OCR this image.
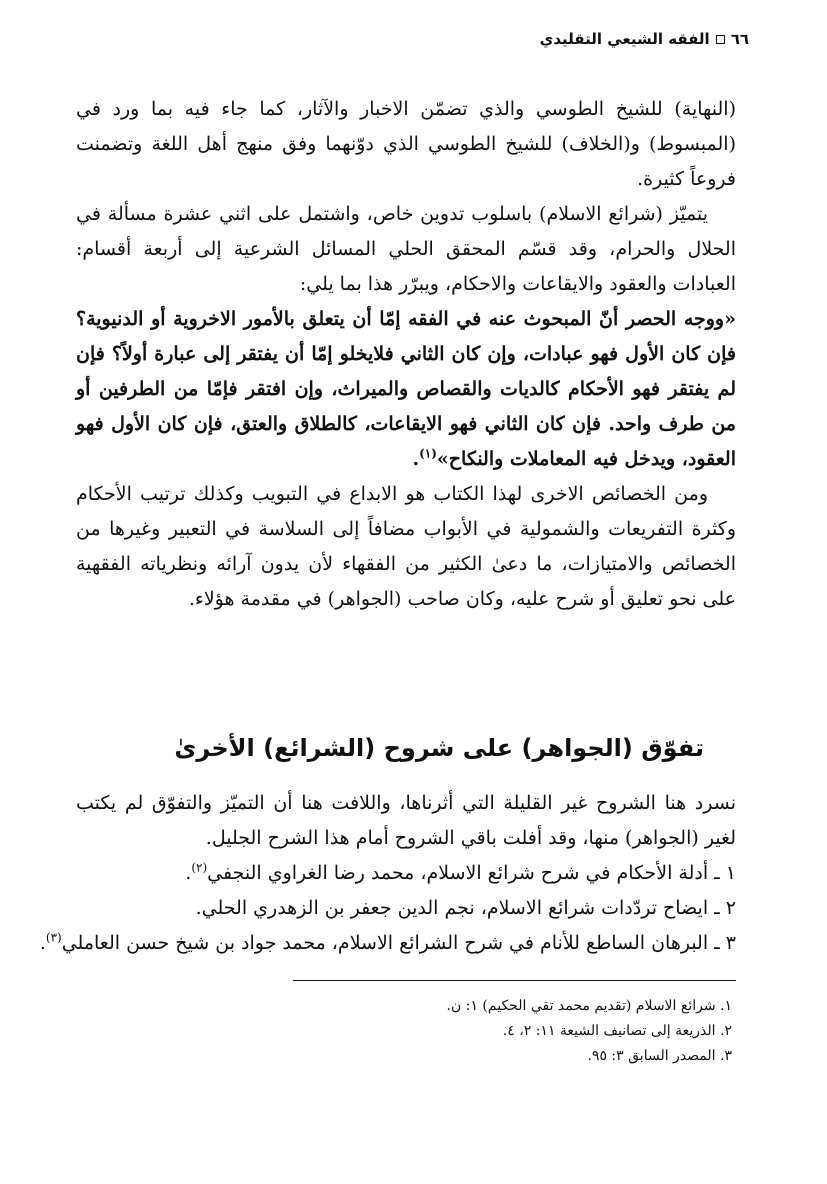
٦٦
الفقه الشيعي التقليدي

(النهاية) للشيخ الطوسي والذي تضمّن الاخبار والآثار، كما جاء فيه بما ورد في (المبسوط) و(الخلاف) للشيخ الطوسي الذي دوّنهما وفق منهج أهل اللغة وتضمنت فروعاً كثيرة.

يتميّز (شرائع الاسلام) باسلوب تدوين خاص، واشتمل على اثني عشرة مسألة في الحلال والحرام، وقد قسّم المحقق الحلي المسائل الشرعية إلى أربعة أقسام: العبادات والعقود والايقاعات والاحكام، ويبرّر هذا بما يلي:

«ووجه الحصر أنّ المبحوث عنه في الفقه إمّا أن يتعلق بالأمور الاخروية أو الدنيوية؟ فإن كان الأول فهو عبادات، وإن كان الثاني فلايخلو إمّا أن يفتقر إلى عبارة أولاً؟ فإن لم يفتقر فهو الأحكام كالديات والقصاص والميراث، وإن افتقر فإمّا من الطرفين أو من طرف واحد. فإن كان الثاني فهو الايقاعات، كالطلاق والعتق، فإن كان الأول فهو العقود، ويدخل فيه المعاملات والنكاح»$^{(١)}$.

ومن الخصائص الاخرى لهذا الكتاب هو الابداع في التبويب وكذلك ترتيب الأحكام وكثرة التفريعات والشمولية في الأبواب مضافاً إلى السلاسة في التعبير وغيرها من الخصائص والامتيازات، ما دعىٰ الكثير من الفقهاء لأن يدون آرائه ونظرياته الفقهية على نحو تعليق أو شرح عليه، وكان صاحب (الجواهر) في مقدمة هؤلاء.

تفوّق (الجواهر) على شروح (الشرائع) الأخرىٰ

نسرد هنا الشروح غير القليلة التي أثرناها، واللافت هنا أن التميّز والتفوّق لم يكتب لغير (الجواهر) منها، وقد أفلت باقي الشروح أمام هذا الشرح الجليل.

١ ـ أدلة الأحكام في شرح شرائع الاسلام، محمد رضا الغراوي النجفي$^{(٢)}$.

٢ ـ ايضاح تردّدات شرائع الاسلام، نجم الدين جعفر بن الزهدري الحلي.

٣ ـ البرهان الساطع للأنام في شرح الشرائع الاسلام، محمد جواد بن شيخ حسن العاملي$^{(٣)}$.

١. شرائع الاسلام (تقديم محمد تقي الحكيم) ١: ن.

٢. الذريعة إلى تصانيف الشيعة ١١: ٢، ٤.

٣. المصدر السابق ٣: ٩٥.
